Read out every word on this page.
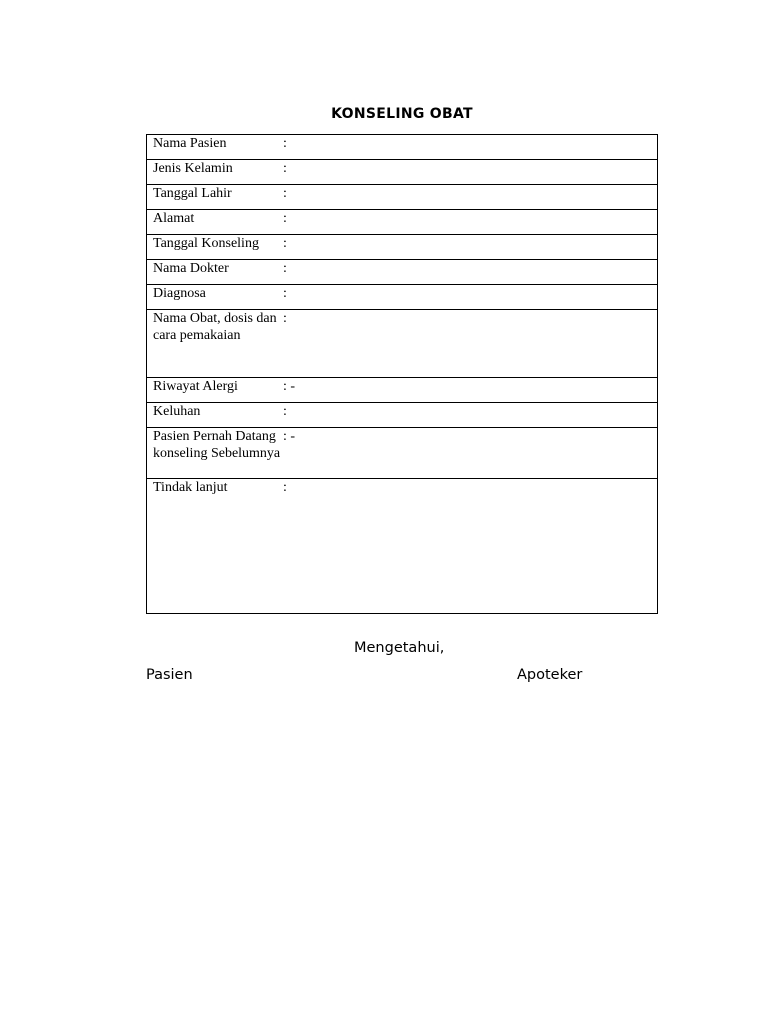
KONSELING OBAT
Nama Pasien	:	
Jenis Kelamin	:	
Tanggal Lahir	:	
Alamat	:	
Tanggal Konseling	:	
Nama Dokter	:	
Diagnosa	:	
Nama Obat, dosis dan cara pemakaian	:	
Riwayat Alergi	: -	
Keluhan	:	
Pasien Pernah Datang konseling Sebelumnya	: -	
Tindak lanjut	:	
Mengetahui,
Pasien	Apoteker
